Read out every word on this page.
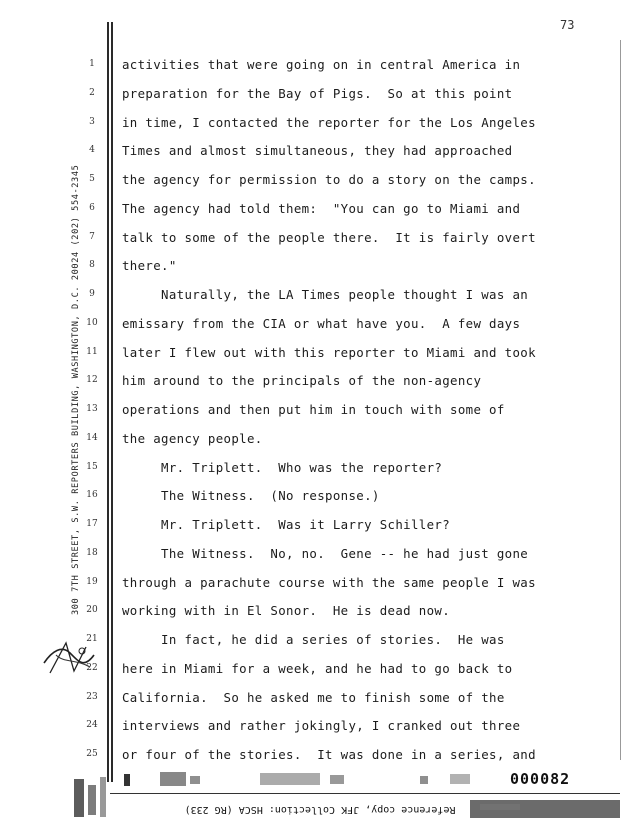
73
300 7TH STREET, S.W. REPORTERS BUILDING, WASHINGTON, D.C. 20024 (202) 554-2345
1
2
3
4
5
6
7
8
9
10
11
12
13
14
15
16
17
18
19
20
21
22
23
24
25
activities that were going on in central America in
preparation for the Bay of Pigs.  So at this point
in time, I contacted the reporter for the Los Angeles
Times and almost simultaneous, they had approached
the agency for permission to do a story on the camps.
The agency had told them:  "You can go to Miami and
talk to some of the people there.  It is fairly overt
there."
Naturally, the LA Times people thought I was an
emissary from the CIA or what have you.  A few days
later I flew out with this reporter to Miami and took
him around to the principals of the non-agency
operations and then put him in touch with some of
the agency people.
Mr. Triplett.  Who was the reporter?
The Witness.  (No response.)
Mr. Triplett.  Was it Larry Schiller?
The Witness.  No, no.  Gene -- he had just gone
through a parachute course with the same people I was
working with in El Sonor.  He is dead now.
In fact, he did a series of stories.  He was
here in Miami for a week, and he had to go back to
California.  So he asked me to finish some of the
interviews and rather jokingly, I cranked out three
or four of the stories.  It was done in a series, and
000082
Reference copy, JFK Collection: HSCA (RG 233)
